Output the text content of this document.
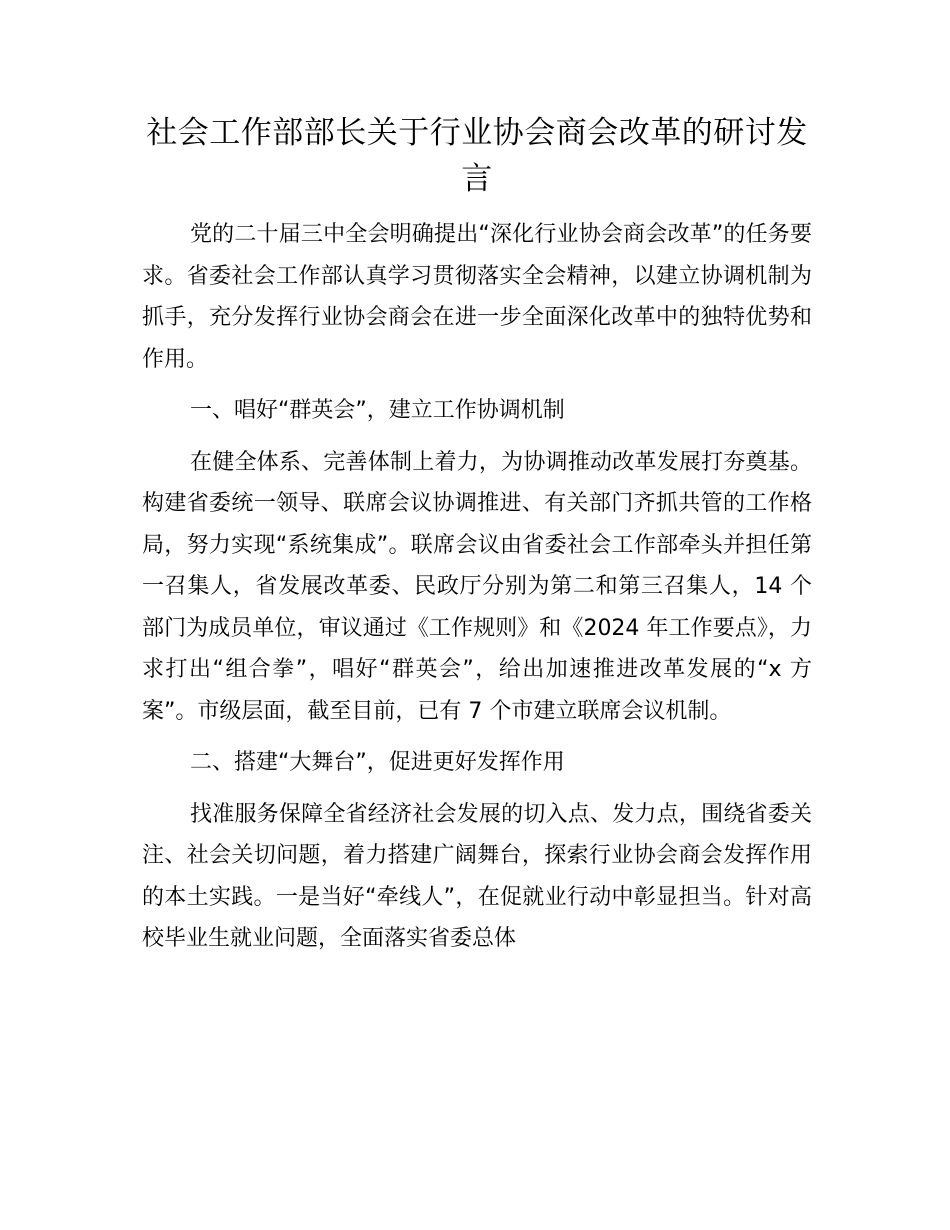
社会工作部部长关于行业协会商会改革的研讨发言

党的二十届三中全会明确提出“深化行业协会商会改革”的任务要求。省委社会工作部认真学习贯彻落实全会精神，以建立协调机制为抓手，充分发挥行业协会商会在进一步全面深化改革中的独特优势和作用。

一、唱好“群英会”，建立工作协调机制

在健全体系、完善体制上着力，为协调推动改革发展打夯奠基。构建省委统一领导、联席会议协调推进、有关部门齐抓共管的工作格局，努力实现“系统集成”。联席会议由省委社会工作部牵头并担任第一召集人，省发展改革委、民政厅分别为第二和第三召集人，14 个部门为成员单位，审议通过《工作规则》和《2024 年工作要点》，力求打出“组合拳”，唱好“群英会”，给出加速推进改革发展的“x 方案”。市级层面，截至目前，已有 7 个市建立联席会议机制。

二、搭建“大舞台”，促进更好发挥作用

找准服务保障全省经济社会发展的切入点、发力点，围绕省委关注、社会关切问题，着力搭建广阔舞台，探索行业协会商会发挥作用的本土实践。一是当好“牵线人”，在促就业行动中彰显担当。针对高校毕业生就业问题，全面落实省委总体
